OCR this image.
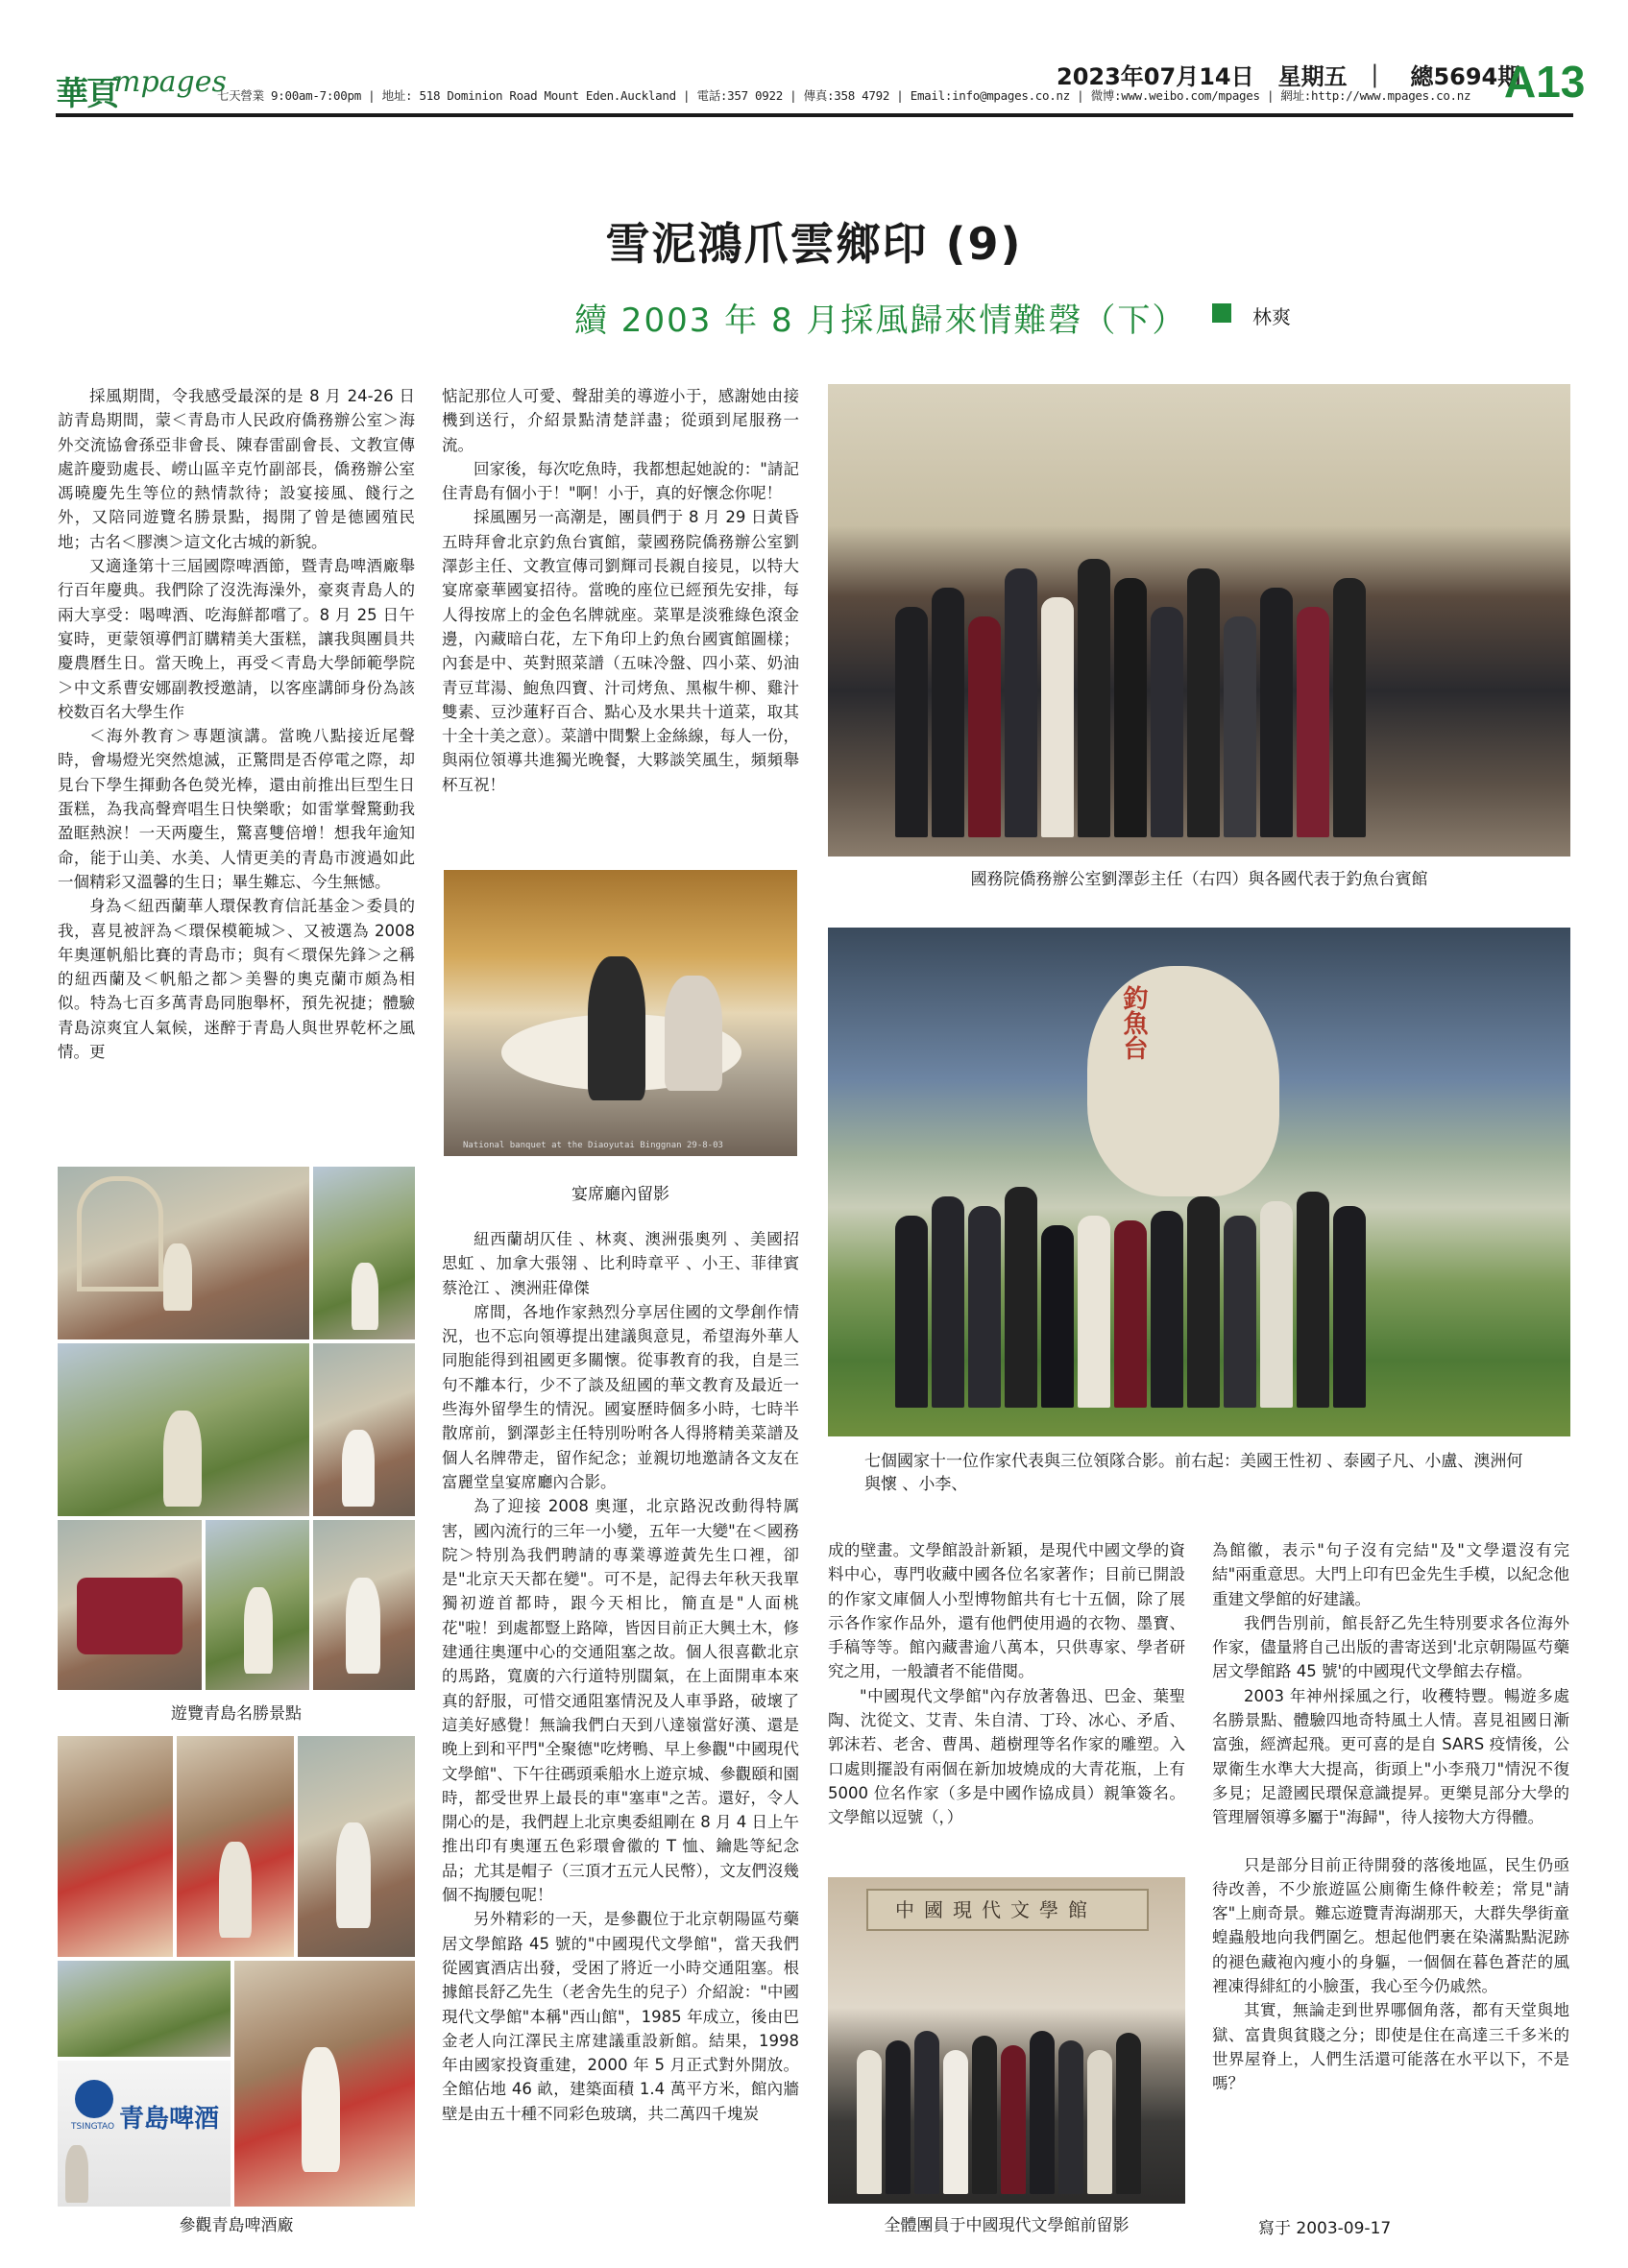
華頁
mpages
七天營業 9:00am-7:00pm | 地址: 518 Dominion Road Mount Eden.Auckland | 電話:357 0922 | 傳真:358 4792 | Email:info@mpages.co.nz | 微博:www.weibo.com/mpages | 網址:http://www.mpages.co.nz
2023年07月14日 星期五  ｜   總5694期
A13
雪泥鴻爪雲鄉印 (9)
續 2003 年 8 月採風歸來情難磬（下）	林爽

採風期間，令我感受最深的是 8 月 24-26 日訪青島期間，蒙＜青島市人民政府僑務辦公室＞海外交流協會孫亞非會長、陳春雷副會長、文教宣傳處許慶勁處長、嶗山區辛克竹副部長，僑務辦公室馮曉慶先生等位的熱情款待；設宴接風、餞行之外，又陪同遊覽名勝景點，揭開了曾是德國殖民地；古名＜膠澳＞這文化古城的新貌。

又適逢第十三屆國際啤酒節，暨青島啤酒廠舉行百年慶典。我們除了沒洗海澡外，豪爽青島人的兩大享受：喝啤酒、吃海鮮都嚐了。8 月 25 日午宴時，更蒙領導們訂購精美大蛋糕，讓我與團員共慶農曆生日。當天晚上，再受＜青島大學師範學院＞中文系曹安娜副教授邀請，以客座講師身份為該校数百名大學生作

＜海外教育＞專題演講。當晚八點接近尾聲時，會場燈光突然熄滅，正驚問是否停電之際，却見台下學生揮動各色熒光棒，還由前推出巨型生日蛋糕，為我高聲齊唱生日快樂歌；如雷掌聲驚動我盈眶熱淚！一天两慶生，驚喜雙倍增！想我年逾知命，能于山美、水美、人情更美的青島市渡過如此一個精彩又溫馨的生日；畢生難忘、今生無憾。

身為＜紐西蘭華人環保教育信託基金＞委員的我，喜見被評為＜環保模範城＞、又被選為 2008 年奧運帆船比賽的青島市；與有＜環保先鋒＞之稱的紐西蘭及＜帆船之都＞美譽的奧克蘭市頗為相似。特為七百多萬青島同胞舉杯，預先祝捷；體驗青島涼爽宜人氣候，迷醉于青島人與世界乾杯之風情。更

遊覽青島名勝景點
青島啤酒
TSINGTAO
參觀青島啤酒廠

惦記那位人可愛、聲甜美的導遊小于，感謝她由接機到送行，介紹景點清楚詳盡；從頭到尾服務一流。

回家後，每次吃魚時，我都想起她說的："請記住青島有個小于！"啊！小于，真的好懷念你呢！

採風團另一高潮是，團員們于 8 月 29 日黃昏五時拜會北京釣魚台賓館，蒙國務院僑務辦公室劉澤彭主任、文教宣傳司劉輝司長親自接見，以特大宴席豪華國宴招待。當晚的座位已經預先安排，每人得按席上的金色名牌就座。菜單是淡雅綠色滾金邊，內藏暗白花，左下角印上釣魚台國賓館圖樣；內套是中、英對照菜譜（五味冷盤、四小菜、奶油青豆茸湯、鮑魚四寶、汁司烤魚、黑椒牛柳、雞汁雙素、豆沙蓮籽百合、點心及水果共十道菜，取其十全十美之意）。菜譜中間繫上金絲線，每人一份，與兩位領導共進獨光晚餐，大夥談笑風生，頻頻舉杯互祝！

National banquet at the Diaoyutai Binggnan 29-8-03
宴席廳內留影

紐西蘭胡仄佳 、林爽、澳洲張奧列 、美國招思虹 、加拿大張翎 、比利時章平 、小王、菲律賓蔡沧江 、澳洲莊偉傑

席間，各地作家熱烈分享居住國的文學創作情況，也不忘向領導提出建議與意見，希望海外華人同胞能得到祖國更多關懷。從事教育的我，自是三句不離本行，少不了談及紐國的華文教育及最近一些海外留學生的情況。國宴歷時個多小時，七時半散席前，劉澤彭主任特別吩咐各人得將精美菜譜及個人名牌帶走，留作紀念；並親切地邀請各文友在富麗堂皇宴席廳內合影。

為了迎接 2008 奧運，北京路況改動得特厲害，國內流行的三年一小變，五年一大變"在＜國務院＞特別為我們聘請的專業導遊黃先生口裡，卻是"北京天天都在變"。可不是，記得去年秋天我單獨初遊首都時，跟今天相比，簡直是"人面桃花"啦！到處都豎上路障，皆因目前正大興土木，修建通往奧運中心的交通阻塞之故。個人很喜歡北京的馬路，寬廣的六行道特別闊氣，在上面開車本來真的舒服，可惜交通阻塞情況及人車爭路，破壞了這美好感覺！無論我們白天到八達嶺當好漢、還是晚上到和平門"全聚德"吃烤鴨、早上參觀"中國現代文學館"、下午往碼頭乘船水上遊京城、參觀頤和園時，都受世界上最長的車"塞車"之苦。還好，令人開心的是，我們趕上北京奧委組剛在 8 月 4 日上午推出印有奧運五色彩環會徽的 T 恤、鑰匙等紀念品；尤其是帽子（三頂才五元人民幣），文友們沒幾個不掏腰包呢！

另外精彩的一天，是參觀位于北京朝陽區芍藥居文學館路 45 號的"中國現代文學館"，當天我們從國賓酒店出發，受困了將近一小時交通阻塞。根據館長舒乙先生（老舍先生的兒子）介紹說："中國現代文學館"本稱"西山館"，1985 年成立，後由巴金老人向江澤民主席建議重設新館。結果，1998 年由國家投資重建，2000 年 5 月正式對外開放。全館佔地 46 畝，建築面積 1.4 萬平方米，館內牆壁是由五十種不同彩色玻璃，共二萬四千塊炭

國務院僑務辦公室劉澤彭主任（右四）與各國代表于釣魚台賓館
釣魚台
七個國家十一位作家代表與三位領隊合影。前右起：美國王性初 、泰國子凡、小盧、澳洲何與懷 、小李、

成的壁畫。文學館設計新穎，是現代中國文學的資料中心，專門收藏中國各位名家著作；目前已開設的作家文庫個人小型博物館共有七十五個，除了展示各作家作品外，還有他們使用過的衣物、墨寶、手稿等等。館內藏書逾八萬本，只供專家、學者研究之用，一般讀者不能借閱。

"中國現代文學館"內存放著魯迅、巴金、葉聖陶、沈從文、艾青、朱自清、丁玲、冰心、矛盾、郭沫若、老舍、曹禺、趙樹理等名作家的雕塑。入口處則擺設有兩個在新加坡燒成的大青花瓶，上有 5000 位名作家（多是中國作協成員）親筆簽名。文學館以逗號（，）

中國現代文學館
全體團員于中國現代文學館前留影

為館徽，表示"句子沒有完結"及"文學還沒有完結"兩重意思。大門上印有巴金先生手模，以紀念他重建文學館的好建議。

我們告別前，館長舒乙先生特別要求各位海外作家，儘量將自己出版的書寄送到'北京朝陽區芍藥居文學館路 45 號'的中國現代文學館去存檔。

2003 年神州採風之行，收穫特豐。暢遊多處名勝景點、體驗四地奇特風土人情。喜見祖國日漸富強，經濟起飛。更可喜的是自 SARS 疫情後，公眾衛生水準大大提高，街頭上"小李飛刀"情況不復多見；足證國民環保意識提昇。更樂見部分大學的管理層領導多屬于"海歸"，待人接物大方得體。

只是部分目前正待開發的落後地區，民生仍亟待改善，不少旅遊區公廁衛生條件較差；常見"請客"上廁奇景。難忘遊覽青海湖那天，大群失學街童蝗蟲般地向我們圍乞。想起他們裹在染滿點點泥跡的褪色藏袍內瘦小的身軀，一個個在暮色蒼茫的風裡凍得緋紅的小臉蛋，我心至今仍戚然。

其實，無論走到世界哪個角落，都有天堂與地獄、富貴與貧賤之分；即使是住在高達三千多米的世界屋脊上，人們生活還可能落在水平以下，不是嗎？

寫于 2003-09-17
